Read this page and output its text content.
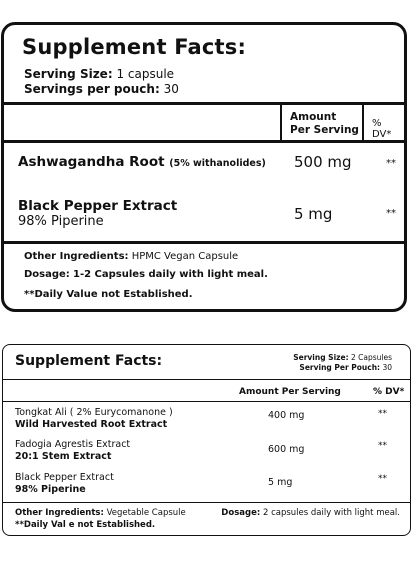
Supplement Facts:
Serving Size: 1 capsule
Servings per pouch: 30
Amount
Per Serving
% DV*
Ashwagandha Root (5% withanolides) 500 mg	**
Black Pepper Extract
98% Piperine	5 mg	**
Other Ingredients: HPMC Vegan Capsule
Dosage: 1-2 Capsules daily with light meal.
**Daily Value not Established.
Supplement Facts:	Serving Size: 2 Capsules
Serving Per Pouch: 30
Amount Per Serving	% DV*
Tongkat Ali ( 2% Eurycomanone )
Wild Harvested Root Extract
400 mg	**
Fadogia Agrestis Extract
20:1 Stem Extract
600 mg	**
Black Pepper Extract
98% Piperine
5 mg	**
Other Ingredients: Vegetable Capsule
**Daily Val e not Established.
Dosage: 2 capsules daily with light meal.
